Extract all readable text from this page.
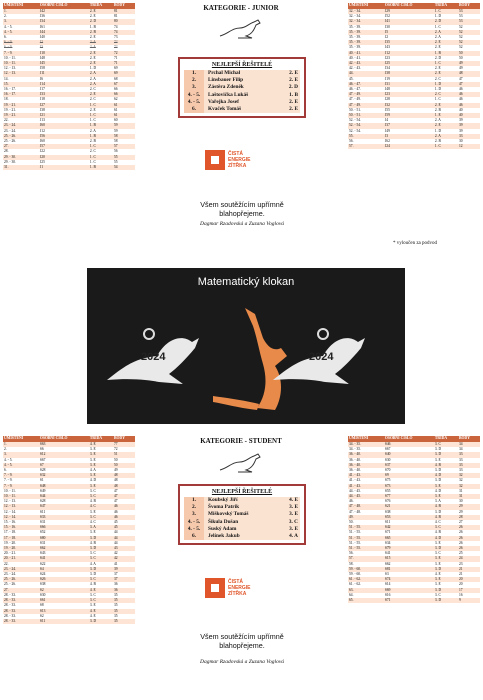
UMÍSTĚNÍ	OSOBNÍ ČÍSLO	TŘÍDA	BODY
1.	J42	2. E	81
2.	J36	2. E	81
3.	J34	2. D	80
4. - 5.	J61	1. B	74
4. - 5.	J44	2. B	74
6.	J40	2. E	73
6. - 9.	J2	2. A	72
6. - 9.	J3	2. A	72
7. - 9.	J10	2. E	72
10. - 11.	J48	2. E	71
10. - 11.	J45	2. E	71
12. - 13.	J58	1. D	69
12. - 13.	J11	2. A	69
14.	J6	2. A	68
15.	J14	2. A	67
16. - 17.	J17	2. C	66
16. - 17.	J33	2. E	66
18.	J18	2. C	62
19. - 21.	J27	1. C	61
19. - 21.	J38	2. E	61
19. - 21.	J21	1. C	61
22.	J13	1. C	60
23. - 24.	J60	1. B	59
23. - 24.	J12	2. A	59
25. - 26.	J56	1. B	58
25. - 26.	J60	2. B	58
27.	J57	1. C	57
28.	J22	2. C	56
29. - 30.	J20	1. C	55
29. - 30.	J25	1. C	55
31.	J1	1. B	54
UMÍSTĚNÍ	OSOBNÍ ČÍSLO	TŘÍDA	BODY
32. - 34.	J29	1. C	53
32. - 34.	J52	1. D	53
32. - 34.	J41	2. D	53
35. - 39.	J30	1. C	52
35. - 39.	J5	2. A	52
35. - 39.	J2	2. A	52
35. - 39.	J35	2. E	52
35. - 39.	J43	2. E	52
40. - 41.	J12	1. B	50
40. - 41.	J23	2. D	50
42. - 43.	J25	1. C	49
42. - 43.	J34	2. E	49
44.	J38	2. E	48
45.	J19	2. C	47
46. - 47.	J31	1. D	47
46. - 47.	J48	1. D	46
47. - 49.	J23	2. C	46
47. - 49.	J28	1. C	46
47. - 49.	J32	2. E	46
50. - 51.	J55	2. B	40
50. - 51.	J59	1. E	40
52. - 54.	J4	2. A	39
52. - 54.	J37	2. E	39
52. - 54.	J49	1. D	39
55.	J3	2. A	33
56.	J62	2. B	30
57.	J24	1. C	12
KATEGORIE - JUNIOR
NEJLEPŠÍ ŘEŠITELÉ
1.	Prchal Michal	2. E
2.	Linsbauer Filip	2. E
3.	Zástěra Zdeněk	2. D
4. - 5.	Laštovička Lukáš	1. B
4. - 5.	Vařejka Josef	2. E
6.	Kvaček Tomáš	2. E
ČISTÁ
ENERGIE
ZÍTŘKA
Všem soutěžícím upřímně blahopřejeme.
Dagmar Rzadovská a Zuzana Voglová
* vyloučen za podvod
Matematický klokan
2024	2024
UMÍSTĚNÍ	OSOBNÍ ČÍSLO	TŘÍDA	BODY
1.	S63	4. E	77
2.	S6	3. E	72
3.	S12	3. E	51
4. - 5.	S67	3. E	50
4. - 5.	S7	3. E	50
6.	S28	4. A	49
7. - 9.	S32	3. E	48
7. - 9.	S1	4. D	48
7. - 9.	S48	3. E	48
10. - 11.	S49	3. C	47
10. - 11.	S44	3. C	47
12. - 13.	S28	4. B	47
12. - 13.	S47	4. C	46
12. - 14.	S11	3. E	46
12. - 14.	S33	3. C	46
15. - 16.	S31	4. C	45
15. - 16.	S66	3. A	45
17. - 18.	S52	3. E	44
17. - 18.	S80	3. D	44
19. - 20.	S31	4. B	44
19. - 20.	S62	3. D	43
20. - 21.	S43	3. C	42
20. - 21.	S41	3. C	42
22.	S22	4. A	41
23. - 24.	S4	3. D	39
23. - 24.	S24	3. D	37
25. - 26.	S26	3. C	37
25. - 26.	S38	4. B	36
27.	S2	4. E	36
28. - 33.	S30	3. C	35
28. - 33.	S61	3. C	35
28. - 33.	S8	3. E	35
28. - 33.	S13	4. E	35
28. - 33.	S2	4. E	35
28. - 33.	S11	3. D	35
UMÍSTĚNÍ	OSOBNÍ ČÍSLO	TŘÍDA	BODY
34. - 35.	S46	3. C	34
34. - 35.	S67	3. D	34
36. - 40.	S40	3. D	33
36. - 40.	S30	3. E	33
36. - 40.	S37	4. B	33
36. - 40.	S70	3. D	33
41. - 43.	S9	4. D	32
41. - 43.	S75	3. D	32
41. - 43.	S73	3. E	32
44. - 45.	S55	4. D	31
44. - 45.	S77	3. E	31
46.	S76	3. A	30
47. - 48.	S21	4. B	29
47. - 48.	S38	3. D	29
49.	S53	4. B	28
50.	S11	4. C	27
51. - 55.	S42	3. C	26
51. - 55.	S71	4. B	26
51. - 55.	S65	4. D	26
51. - 55.	S34	3. E	26
51. - 55.	S79	3. D	26
56.	S41	3. C	25
57.	S15	3. E	24
58.	S62	3. E	23
59. - 60.	S81	3. D	21
59. - 60.	S3	4. E	21
61. - 62.	S74	3. E	20
61. - 62.	S14	3. E	20
63.	S69	3. D	17
64.	S16	3. C	16
65.	S71	3. D	9
KATEGORIE - STUDENT
NEJLEPŠÍ ŘEŠITELÉ
1.	Koubský Jiří	4. E
2.	Švoma Patrik	3. E
3.	Miškovský Tomáš	3. E
4. - 5.	Šikula Dušan	3. C
4. - 5.	Suský Adam	3. E
6.	Jelínek Jakub	4. A
ČISTÁ
ENERGIE
ZÍTŘKA
Všem soutěžícím upřímně blahopřejeme.
Dagmar Rzadovská a Zuzana Voglová
